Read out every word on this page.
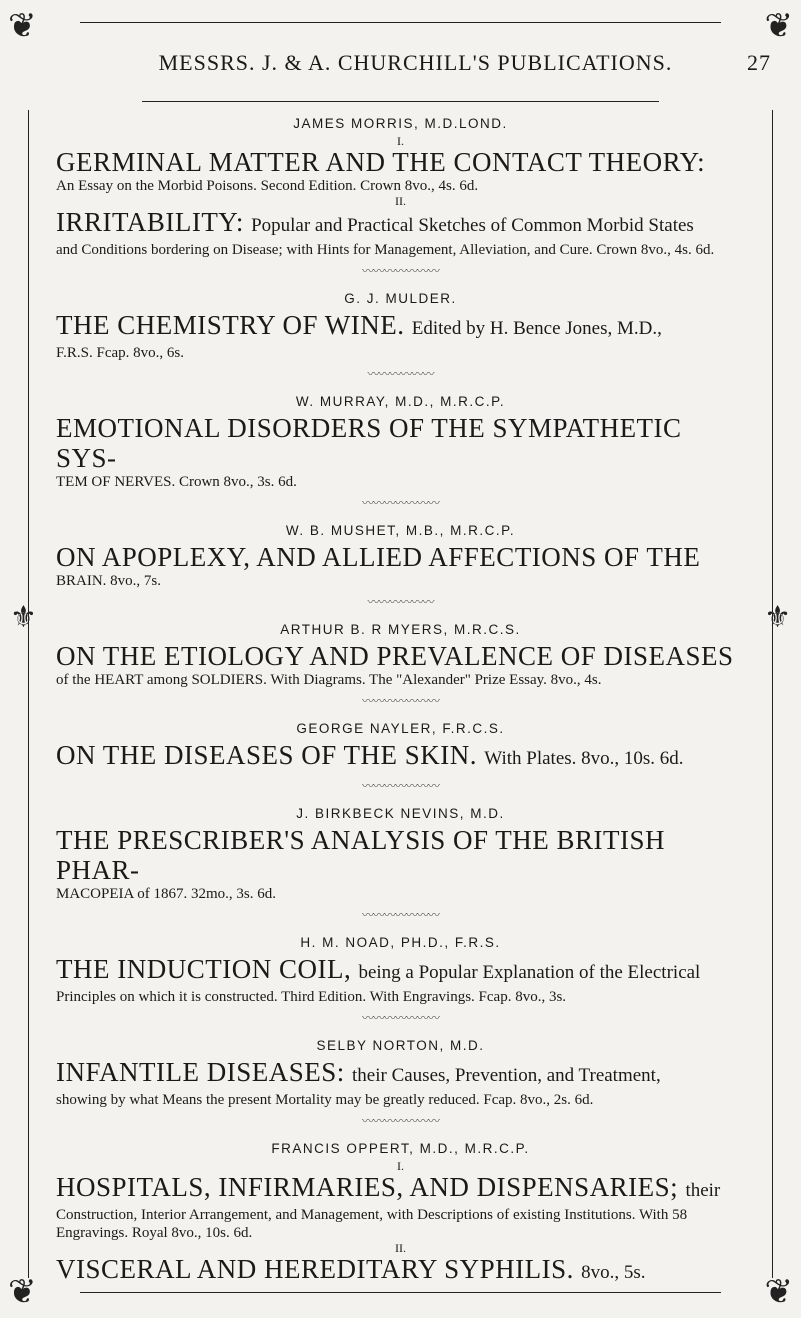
❦	❦
❦	❦
⚜	⚜
MESSRS. J. & A. CHURCHILL'S PUBLICATIONS.	27

JAMES MORRIS, M.D.LOND.

I.

GERMINAL MATTER AND THE CONTACT THEORY:

An Essay on the Morbid Poisons. Second Edition. Crown 8vo., 4s. 6d.

II.

IRRITABILITY: Popular and Practical Sketches of Common Morbid States

and Conditions bordering on Disease; with Hints for Management, Alleviation, and Cure. Crown 8vo., 4s. 6d.

〰〰〰〰〰〰〰

G. J. MULDER.

THE CHEMISTRY OF WINE. Edited by H. Bence Jones, M.D.,

F.R.S. Fcap. 8vo., 6s.

〰〰〰〰〰〰

W. MURRAY, M.D., M.R.C.P.

EMOTIONAL DISORDERS OF THE SYMPATHETIC SYS-

TEM OF NERVES. Crown 8vo., 3s. 6d.

〰〰〰〰〰〰〰

W. B. MUSHET, M.B., M.R.C.P.

ON APOPLEXY, AND ALLIED AFFECTIONS OF THE

BRAIN. 8vo., 7s.

〰〰〰〰〰〰

ARTHUR B. R MYERS, M.R.C.S.

ON THE ETIOLOGY AND PREVALENCE OF DISEASES

of the HEART among SOLDIERS. With Diagrams. The "Alexander" Prize Essay. 8vo., 4s.

〰〰〰〰〰〰〰

GEORGE NAYLER, F.R.C.S.

ON THE DISEASES OF THE SKIN. With Plates. 8vo., 10s. 6d.

〰〰〰〰〰〰〰

J. BIRKBECK NEVINS, M.D.

THE PRESCRIBER'S ANALYSIS OF THE BRITISH PHAR-

MACOPEIA of 1867. 32mo., 3s. 6d.

〰〰〰〰〰〰〰

H. M. NOAD, PH.D., F.R.S.

THE INDUCTION COIL, being a Popular Explanation of the Electrical

Principles on which it is constructed. Third Edition. With Engravings. Fcap. 8vo., 3s.

〰〰〰〰〰〰〰

SELBY NORTON, M.D.

INFANTILE DISEASES: their Causes, Prevention, and Treatment,

showing by what Means the present Mortality may be greatly reduced. Fcap. 8vo., 2s. 6d.

〰〰〰〰〰〰〰

FRANCIS OPPERT, M.D., M.R.C.P.

I.

HOSPITALS, INFIRMARIES, AND DISPENSARIES; their

Construction, Interior Arrangement, and Management, with Descriptions of existing Institutions. With 58 Engravings. Royal 8vo., 10s. 6d.

II.

VISCERAL AND HEREDITARY SYPHILIS. 8vo., 5s.
